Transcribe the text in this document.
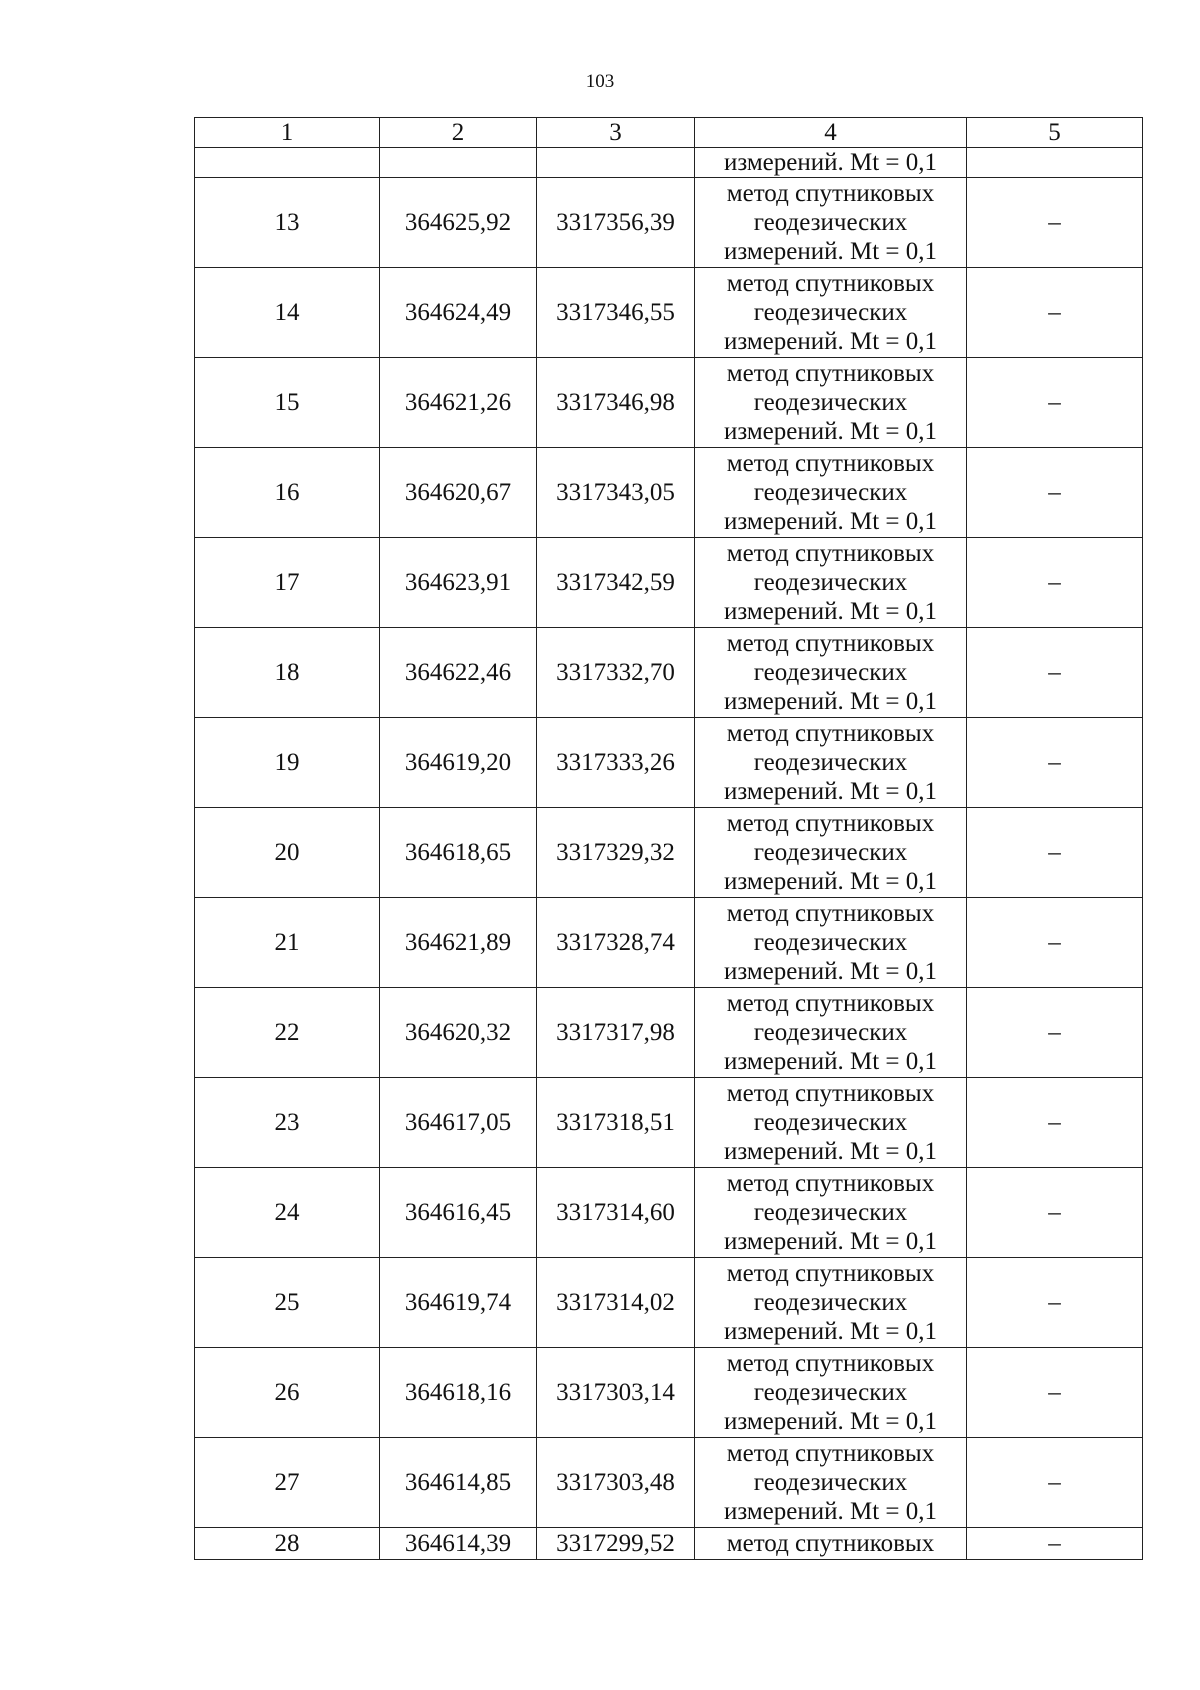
103
1	2	3	4	5

			измерений. Mt = 0,1	

13	364625,92	3317356,39	метод спутниковых
геодезических
измерений. Mt = 0,1	–
14	364624,49	3317346,55	метод спутниковых
геодезических
измерений. Mt = 0,1	–
15	364621,26	3317346,98	метод спутниковых
геодезических
измерений. Mt = 0,1	–
16	364620,67	3317343,05	метод спутниковых
геодезических
измерений. Mt = 0,1	–
17	364623,91	3317342,59	метод спутниковых
геодезических
измерений. Mt = 0,1	–
18	364622,46	3317332,70	метод спутниковых
геодезических
измерений. Mt = 0,1	–
19	364619,20	3317333,26	метод спутниковых
геодезических
измерений. Mt = 0,1	–
20	364618,65	3317329,32	метод спутниковых
геодезических
измерений. Mt = 0,1	–
21	364621,89	3317328,74	метод спутниковых
геодезических
измерений. Mt = 0,1	–
22	364620,32	3317317,98	метод спутниковых
геодезических
измерений. Mt = 0,1	–
23	364617,05	3317318,51	метод спутниковых
геодезических
измерений. Mt = 0,1	–
24	364616,45	3317314,60	метод спутниковых
геодезических
измерений. Mt = 0,1	–
25	364619,74	3317314,02	метод спутниковых
геодезических
измерений. Mt = 0,1	–
26	364618,16	3317303,14	метод спутниковых
геодезических
измерений. Mt = 0,1	–
27	364614,85	3317303,48	метод спутниковых
геодезических
измерений. Mt = 0,1	–
28	364614,39	3317299,52	метод спутниковых	–
